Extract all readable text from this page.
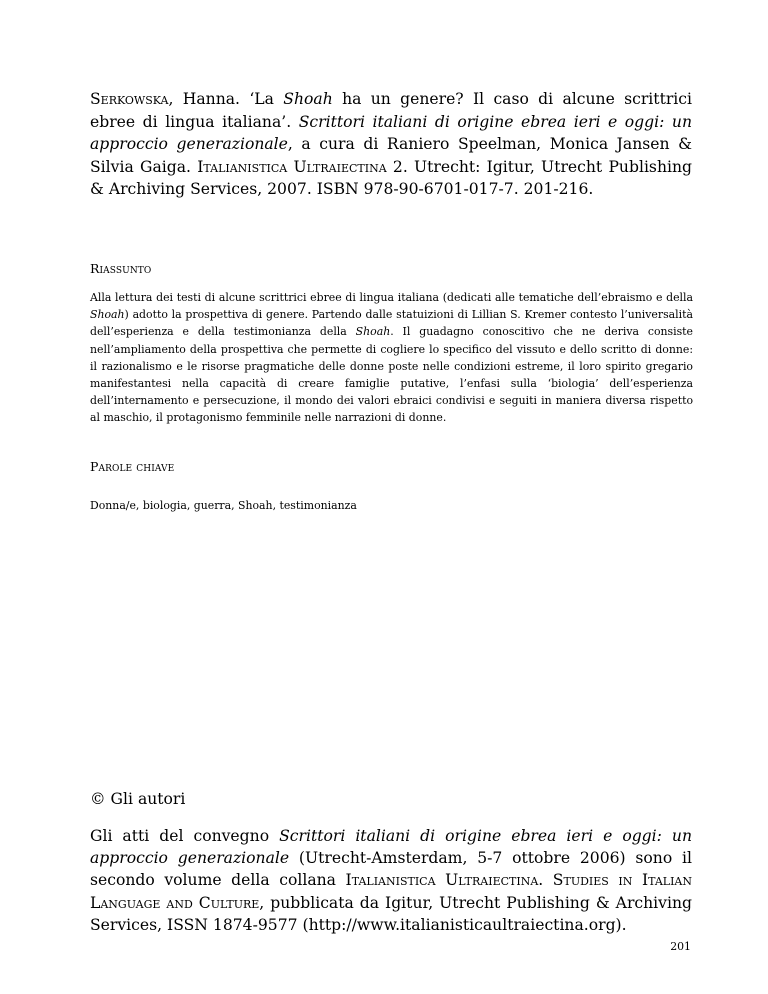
Serkowska, Hanna. ‘La Shoah ha un genere? Il caso di alcune scrittrici ebree di lingua italiana’. Scrittori italiani di origine ebrea ieri e oggi: un approccio generazionale, a cura di Raniero Speelman, Monica Jansen & Silvia Gaiga. Italianistica Ultraiectina 2. Utrecht: Igitur, Utrecht Publishing & Archiving Services, 2007. ISBN 978-90-6701-017-7. 201-216.

Riassunto

Alla lettura dei testi di alcune scrittrici ebree di lingua italiana (dedicati alle tematiche dell’ebraismo e della Shoah) adotto la prospettiva di genere. Partendo dalle statuizioni di Lillian S. Kremer contesto l’universalità dell’esperienza e della testimonianza della Shoah. Il guadagno conoscitivo che ne deriva consiste nell’ampliamento della prospettiva che permette di cogliere lo specifico del vissuto e dello scritto di donne: il razionalismo e le risorse pragmatiche delle donne poste nelle condizioni estreme, il loro spirito gregario manifestantesi nella capacità di creare famiglie putative, l’enfasi sulla ‘biologia’ dell’esperienza dell’internamento e persecuzione, il mondo dei valori ebraici condivisi e seguiti in maniera diversa rispetto al maschio, il protagonismo femminile nelle narrazioni di donne.

Parole chiave

Donna/e, biologia, guerra, Shoah, testimonianza

© Gli autori

Gli atti del convegno Scrittori italiani di origine ebrea ieri e oggi: un approccio generazionale (Utrecht-Amsterdam, 5-7 ottobre 2006) sono il secondo volume della collana Italianistica Ultraiectina. Studies in Italian Language and Culture, pubblicata da Igitur, Utrecht Publishing & Archiving Services, ISSN 1874-9577 (http://www.italianisticaultraiectina.org).

201
